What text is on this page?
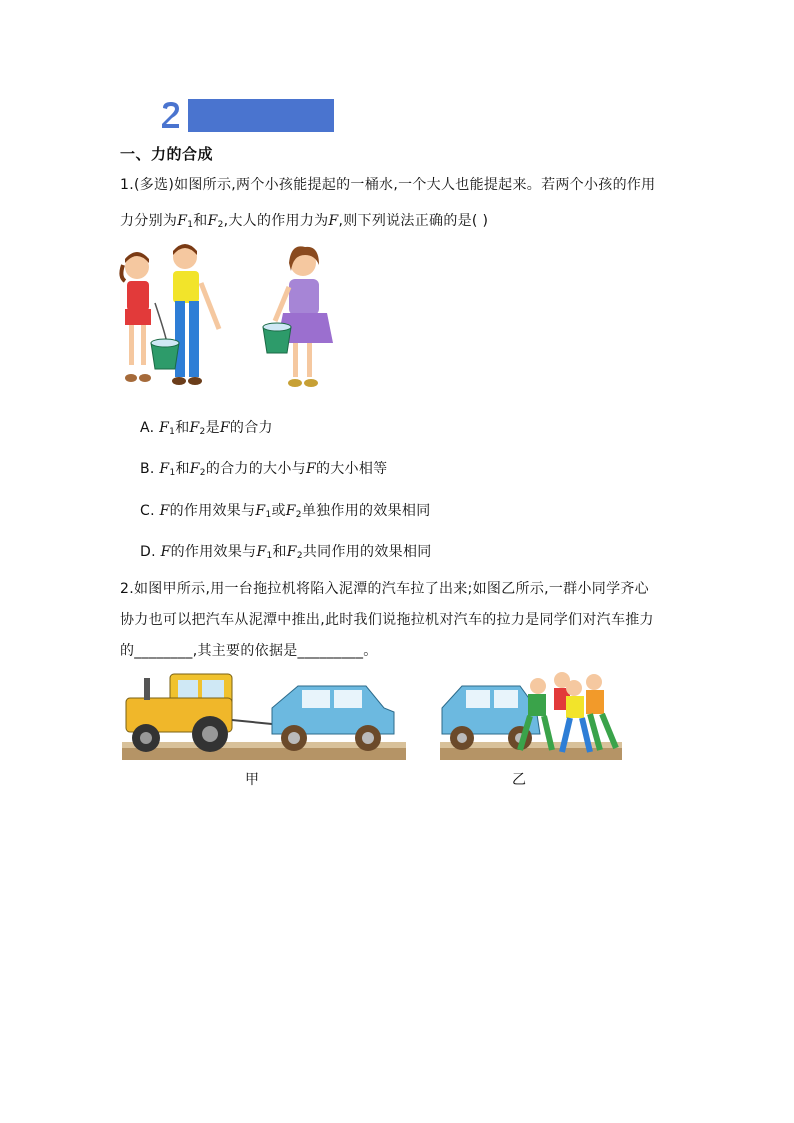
一、力的合成
1.(多选)如图所示,两个小孩能提起的一桶水,一个大人也能提起来。若两个小孩的作用
力分别为$F_1$和$F_2$,大人的作用力为F,则下列说法正确的是( )
A. $F_1$和$F_2$是F的合力
B. $F_1$和$F_2$的合力的大小与F的大小相等
C. F的作用效果与$F_1$或$F_2$单独作用的效果相同
D. F的作用效果与$F_1$和$F_2$共同作用的效果相同
2.如图甲所示,用一台拖拉机将陷入泥潭的汽车拉了出来;如图乙所示,一群小同学齐心
协力也可以把汽车从泥潭中推出,此时我们说拖拉机对汽车的拉力是同学们对汽车推力
的________,其主要的依据是_________。
甲	乙
